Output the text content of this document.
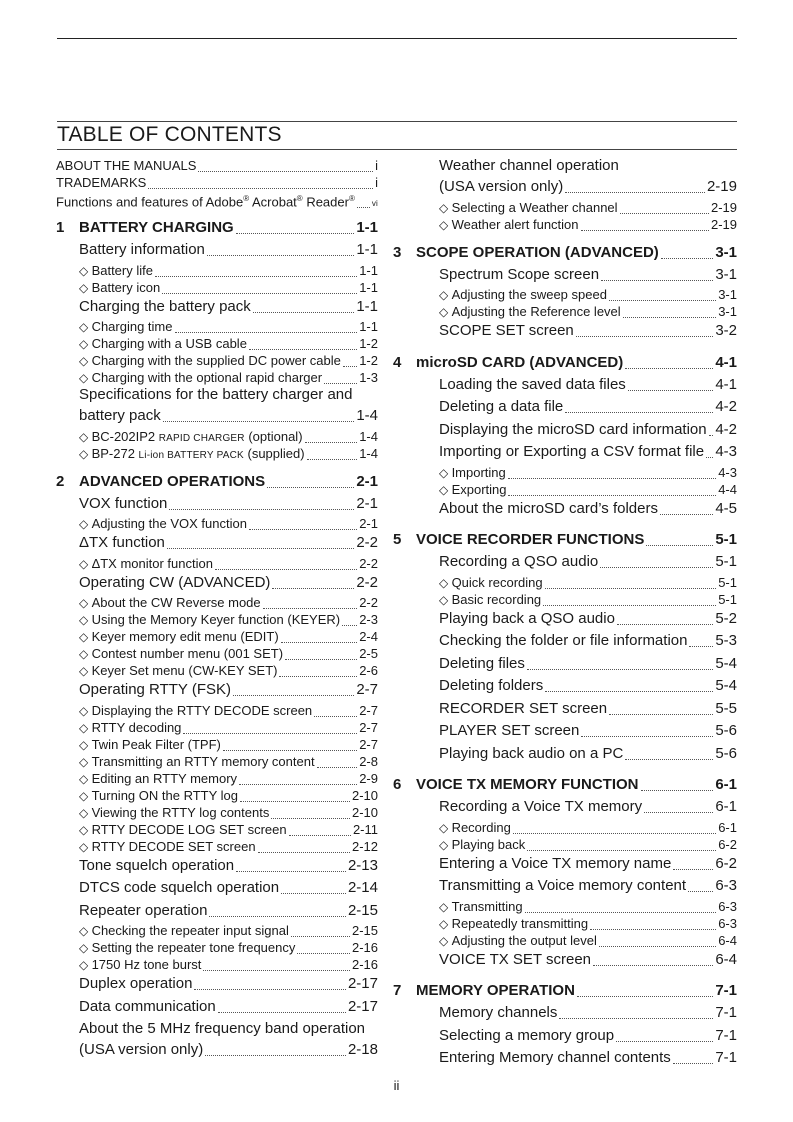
TABLE OF CONTENTS
ABOUT THE MANUALS	i
TRADEMARKS	i
Functions and features of Adobe® Acrobat® Reader®
vi
1 BATTERY CHARGING	1-1
Battery information	1-1
◇ Battery life	1-1
◇ Battery icon	1-1
Charging the battery pack	1-1
◇ Charging time	1-1
◇ Charging with a USB cable	1-2
◇ Charging with the supplied DC power cable 1-2
◇ Charging with the optional rapid charger	1-3
Specifications for the battery charger and
battery pack	1-4
◇ BC-202IP2 RAPID CHARGER (optional)	1-4
◇ BP-272 Li-ion BATTERY PACK (supplied)	1-4
2 ADVANCED OPERATIONS	2-1
VOX function	2-1
◇ Adjusting the VOX function	2-1
ΔTX function	2-2
◇ ΔTX monitor function	2-2
Operating CW (ADVANCED)	2-2
◇ About the CW Reverse mode	2-2
◇ Using the Memory Keyer function (KEYER) 2-3
◇ Keyer memory edit menu (EDIT)	2-4
◇ Contest number menu (001 SET)	2-5
◇ Keyer Set menu (CW-KEY SET)	2-6
Operating RTTY (FSK)	2-7
◇ Displaying the RTTY DECODE screen	2-7
◇ RTTY decoding	2-7
◇ Twin Peak Filter (TPF)	2-7
◇ Transmitting an RTTY memory content	2-8
◇ Editing an RTTY memory	2-9
◇ Turning ON the RTTY log	2-10
◇ Viewing the RTTY log contents	2-10
◇ RTTY DECODE LOG SET screen	2-11
◇ RTTY DECODE SET screen	2-12
Tone squelch operation	2-13
DTCS code squelch operation	2-14
Repeater operation	2-15
◇ Checking the repeater input signal	2-15
◇ Setting the repeater tone frequency	2-16
◇ 1750 Hz tone burst	2-16
Duplex operation	2-17
Data communication	2-17
About the 5 MHz frequency band operation
(USA version only)	2-18
Weather channel operation
(USA version only)	2-19
◇ Selecting a Weather channel	2-19
◇ Weather alert function	2-19
3 SCOPE OPERATION (ADVANCED)	3-1
Spectrum Scope screen	3-1
◇ Adjusting the sweep speed	3-1
◇ Adjusting the Reference level	3-1
SCOPE SET screen	3-2
4 microSD CARD (ADVANCED)	4-1
Loading the saved data files	4-1
Deleting a data file	4-2
Displaying the microSD card information 4-2
Importing or Exporting a CSV format file 4-3
◇ Importing	4-3
◇ Exporting	4-4
About the microSD card’s folders	4-5
5 VOICE RECORDER FUNCTIONS	5-1
Recording a QSO audio	5-1
◇ Quick recording	5-1
◇ Basic recording	5-1
Playing back a QSO audio	5-2
Checking the folder or file information 5-3
Deleting files	5-4
Deleting folders	5-4
RECORDER SET screen	5-5
PLAYER SET screen	5-6
Playing back audio on a PC	5-6
6 VOICE TX MEMORY FUNCTION	6-1
Recording a Voice TX memory	6-1
◇ Recording	6-1
◇ Playing back	6-2
Entering a Voice TX memory name	6-2
Transmitting a Voice memory content 6-3
◇ Transmitting	6-3
◇ Repeatedly transmitting	6-3
◇ Adjusting the output level	6-4
VOICE TX SET screen	6-4
7 MEMORY OPERATION	7-1
Memory channels	7-1
Selecting a memory group	7-1
Entering Memory channel contents	7-1
ii
